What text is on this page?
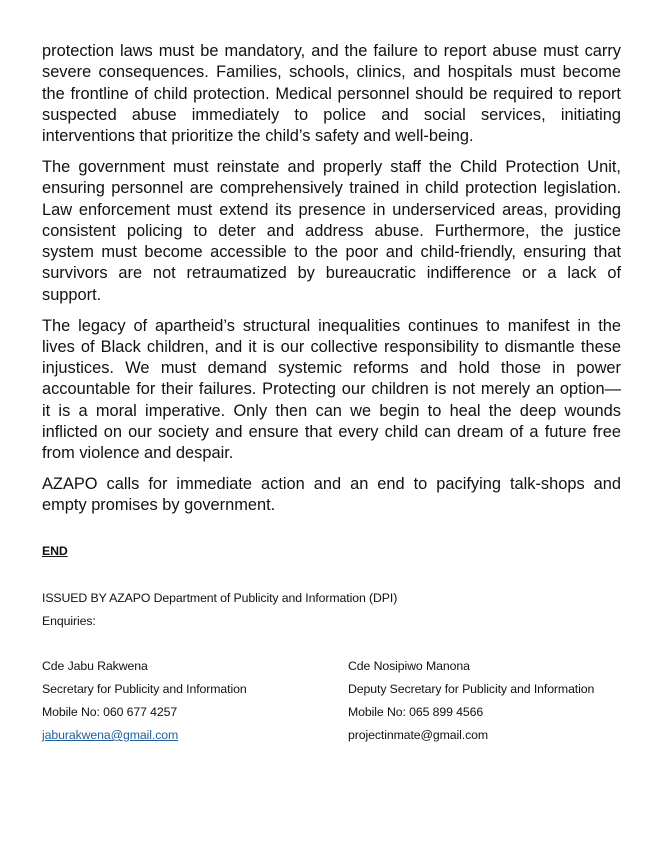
protection laws must be mandatory, and the failure to report abuse must carry
severe consequences. Families, schools, clinics, and hospitals must become
the frontline of child protection. Medical personnel should be required to report
suspected abuse immediately to police and social services, initiating
interventions that prioritize the child’s safety and well-being.
The government must reinstate and properly staff the Child Protection Unit,
ensuring personnel are comprehensively trained in child protection legislation.
Law enforcement must extend its presence in underserviced areas, providing
consistent policing to deter and address abuse. Furthermore, the justice
system must become accessible to the poor and child-friendly, ensuring that
survivors are not retraumatized by bureaucratic indifference or a lack of
support.
The legacy of apartheid’s structural inequalities continues to manifest in the
lives of Black children, and it is our collective responsibility to dismantle these
injustices. We must demand systemic reforms and hold those in power
accountable for their failures. Protecting our children is not merely an option—
it is a moral imperative. Only then can we begin to heal the deep wounds
inflicted on our society and ensure that every child can dream of a future free
from violence and despair.
AZAPO calls for immediate action and an end to pacifying talk-shops and
empty promises by government.
END
ISSUED BY AZAPO Department of Publicity and Information (DPI)
Enquiries:
Cde Jabu Rakwena
Secretary for Publicity and Information
Mobile No: 060 677 4257
jaburakwena@gmail.com
Cde Nosipiwo Manona
Deputy Secretary for Publicity and Information
Mobile No: 065 899 4566
projectinmate@gmail.com
